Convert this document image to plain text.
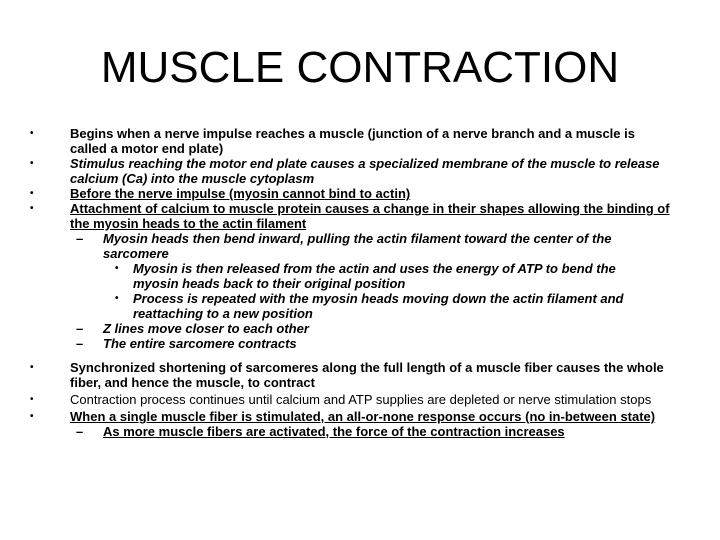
MUSCLE CONTRACTION
•	Begins when a nerve impulse reaches a muscle (junction of a nerve branch and a muscle is called a motor end plate)
•	Stimulus reaching the motor end plate causes a specialized membrane of the muscle to release calcium (Ca) into the muscle cytoplasm
•	Before the nerve impulse (myosin cannot bind to actin)
•	Attachment of calcium to muscle protein causes a change in their shapes allowing the binding of the myosin heads to the actin filament
– Myosin heads then bend inward, pulling the actin filament toward the center of the sarcomere
• Myosin is then released from the actin and uses the energy of ATP to bend the myosin heads back to their original position
• Process is repeated with the myosin heads moving down the actin filament and reattaching to a new position
– Z lines move closer to each other
– The entire sarcomere contracts
•	Synchronized shortening of sarcomeres along the full length of a muscle fiber causes the whole fiber, and hence the muscle, to contract
•	Contraction process continues until calcium and ATP supplies are depleted or nerve stimulation stops
•	When a single muscle fiber is stimulated, an all-or-none response occurs (no in-between state)
– As more muscle fibers are activated, the force of the contraction increases
